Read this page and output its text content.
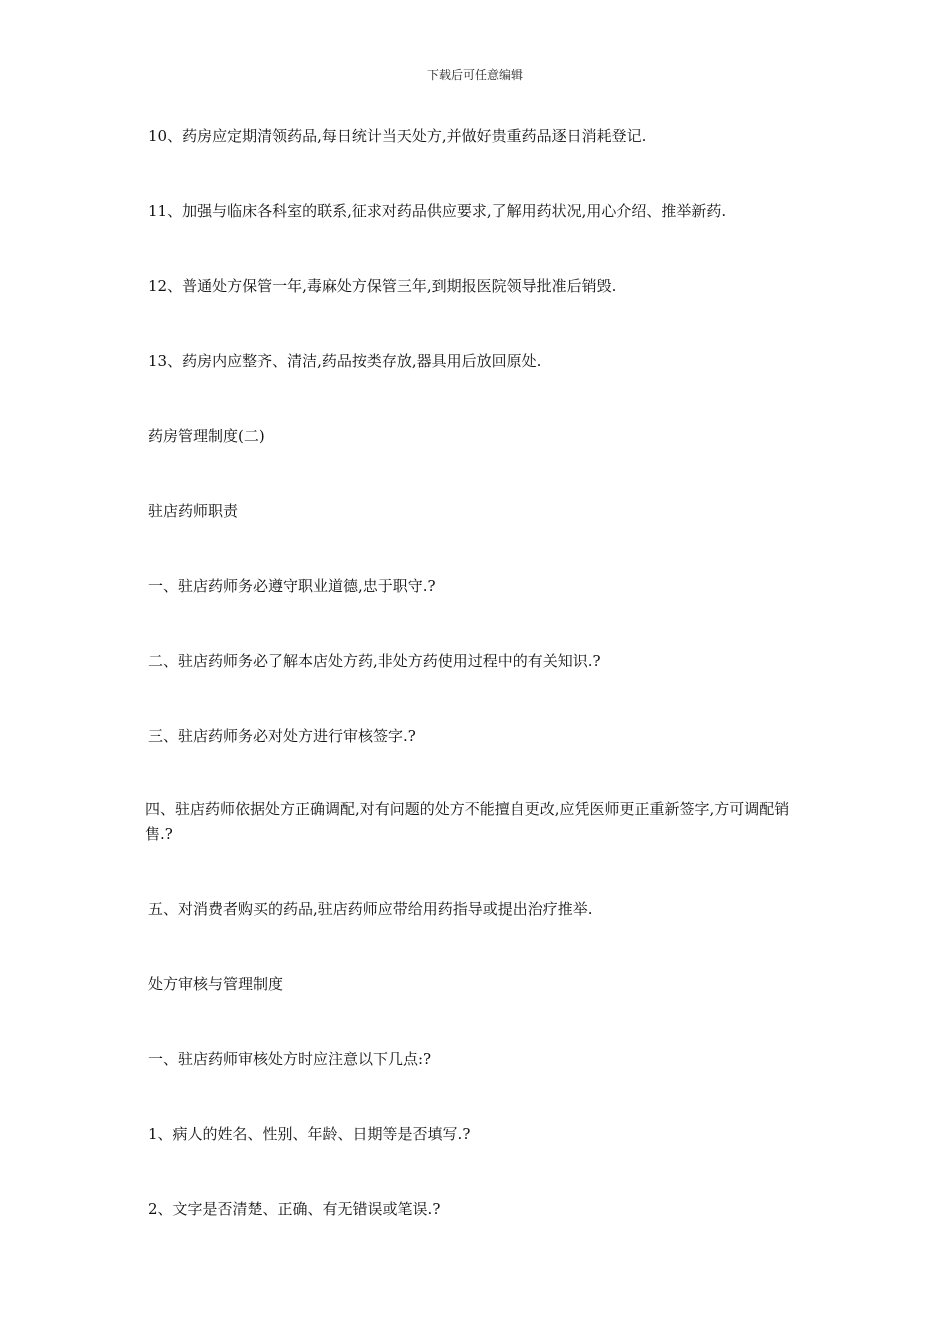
下载后可任意编辑
10、药房应定期清领药品,每日统计当天处方,并做好贵重药品逐日消耗登记.
11、加强与临床各科室的联系,征求对药品供应要求,了解用药状况,用心介绍、推举新药.
12、普通处方保管一年,毒麻处方保管三年,到期报医院领导批准后销毁.
13、药房内应整齐、清洁,药品按类存放,器具用后放回原处.
药房管理制度(二)
驻店药师职责
一、驻店药师务必遵守职业道德,忠于职守.?
二、驻店药师务必了解本店处方药,非处方药使用过程中的有关知识.?
三、驻店药师务必对处方进行审核签字.?
四、驻店药师依据处方正确调配,对有问题的处方不能擅自更改,应凭医师更正重新签字,方可调配销售.?
五、对消费者购买的药品,驻店药师应带给用药指导或提出治疗推举.
处方审核与管理制度
一、驻店药师审核处方时应注意以下几点:?
1、病人的姓名、性别、年龄、日期等是否填写.?
2、文字是否清楚、正确、有无错误或笔误.?
